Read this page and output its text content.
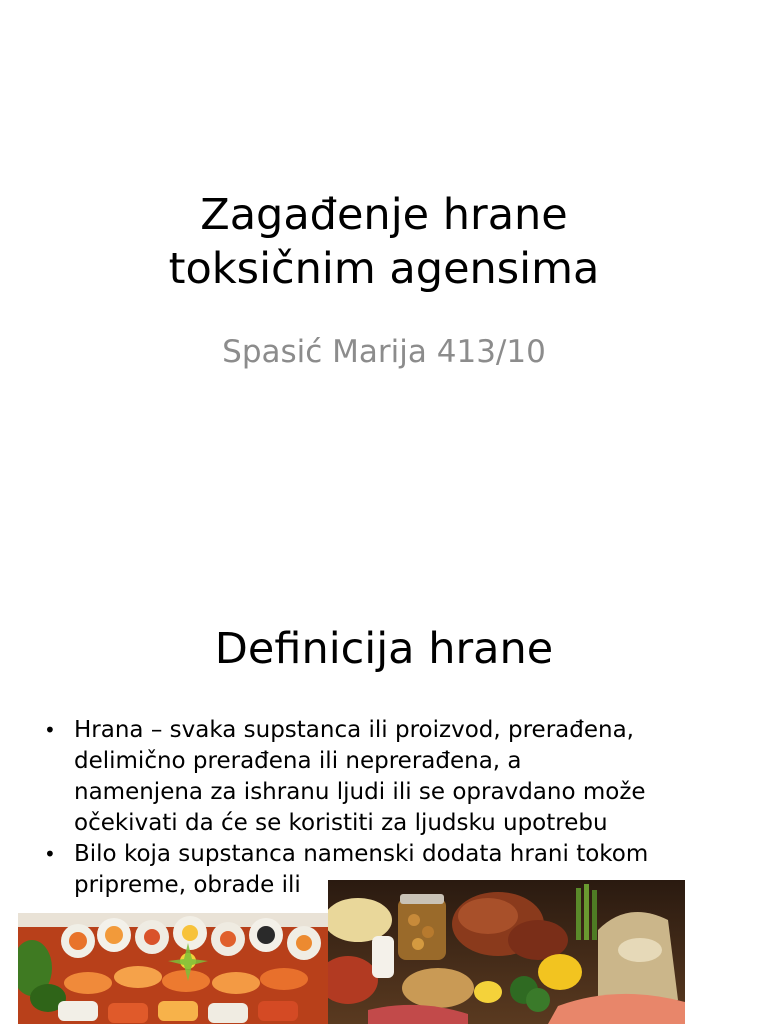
Zagađenje hrane
toksičnim agensima
Spasić Marija 413/10
Definicija hrane
• Hrana – svaka supstanca ili proizvod, prerađena,
delimično prerađena ili neprerađena, a
namenjena za ishranu ljudi ili se opravdano može
očekivati da će se koristiti za ljudsku upotrebu
• Bilo koja supstanca namenski dodata hrani tokom
pripreme, obrade ili
